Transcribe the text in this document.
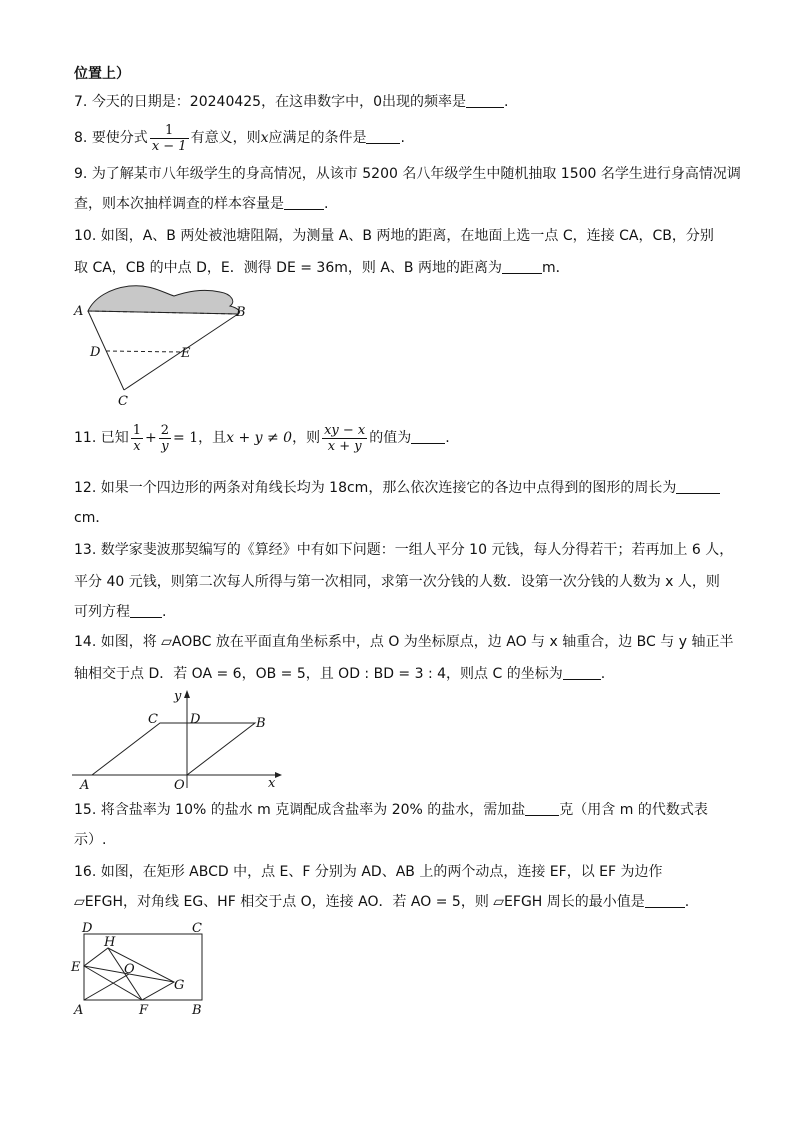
位置上）
7. 今天的日期是：20240425，在这串数字中，0出现的频率是	.
8. 要使分式 $\frac{1}{x - 1}$ 有意义，则x应满足的条件是 .
9. 为了解某市八年级学生的身高情况，从该市 5200 名八年级学生中随机抽取 1500 名学生进行身高情况调
查，则本次抽样调查的样本容量是	.
10. 如图，A、B 两处被池塘阻隔，为测量 A、B 两地的距离，在地面上选一点 C，连接 CA，CB，分别
取 CA，CB 的中点 D，E．测得 DE = 36m，则 A、B 两地的距离为	m．
A	B
C
D	E
11. 已知 $\frac{1}{x} + \frac{2}{y} = 1$，且x + y ≠ 0，则 $\frac{xy - x}{x + y}$ 的值为 .
12. 如果一个四边形的两条对角线长均为 18cm，那么依次连接它的各边中点得到的图形的周长为
cm．
13. 数学家斐波那契编写的《算经》中有如下问题：一组人平分 10 元钱，每人分得若干；若再加上 6 人，
平分 40 元钱，则第二次每人所得与第一次相同，求第一次分钱的人数．设第一次分钱的人数为 x 人，则
可列方程 .
14. 如图，将 ▱AOBC 放在平面直角坐标系中，点 O 为坐标原点，边 AO 与 x 轴重合，边 BC 与 y 轴正半
轴相交于点 D．若 OA = 6，OB = 5，且 OD : BD = 3 : 4，则点 C 的坐标为	.
A	O
B
C D
x
y
15. 将含盐率为 10% 的盐水 m 克调配成含盐率为 20% 的盐水，需加盐 克（用含 m 的代数式表
示）.
16. 如图，在矩形 ABCD 中，点 E、F 分别为 AD、AB 上的两个动点，连接 EF，以 EF 为边作
▱EFGH，对角线 EG、HF 相交于点 O，连接 AO．若 AO = 5，则 ▱EFGH 周长的最小值是	.
A	B
C
D
E
F
G
H
O
